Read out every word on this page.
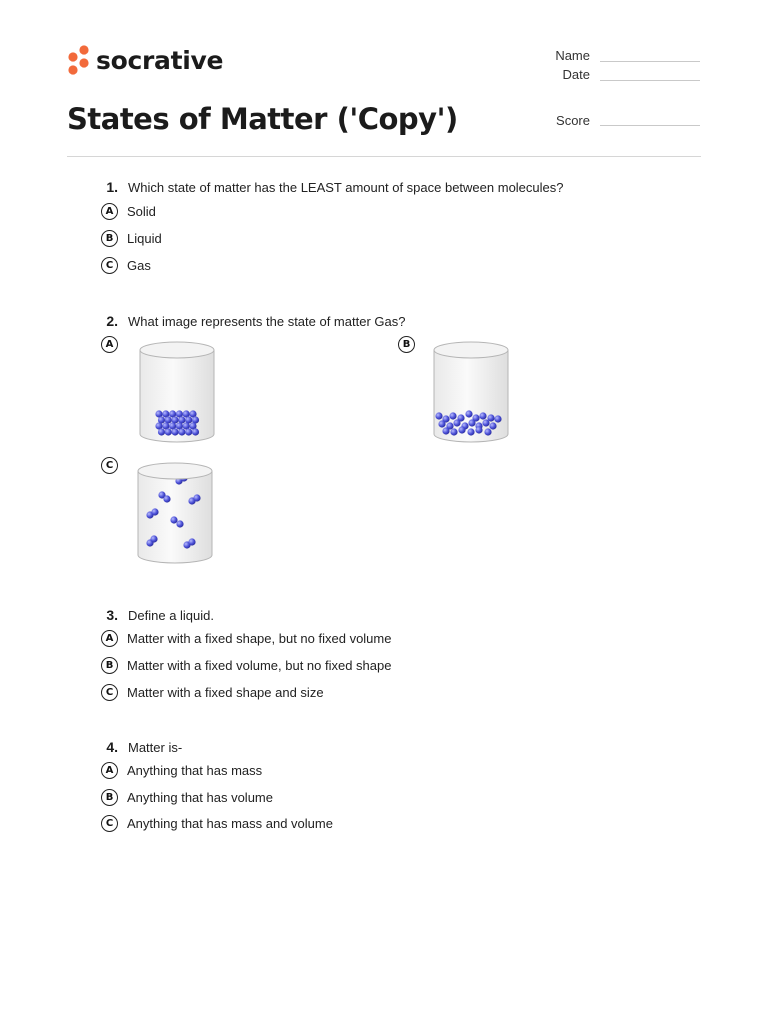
socrative
States of Matter ('Copy')
Name
Date
Score
1. Which state of matter has the LEAST amount of space between molecules?
A	Solid
B	Liquid
C	Gas
2. What image represents the state of matter Gas?
A	B
C
3. Define a liquid.
A	Matter with a fixed shape, but no fixed volume
B	Matter with a fixed volume, but no fixed shape
C	Matter with a fixed shape and size
4. Matter is-
A	Anything that has mass
B	Anything that has volume
C	Anything that has mass and volume
